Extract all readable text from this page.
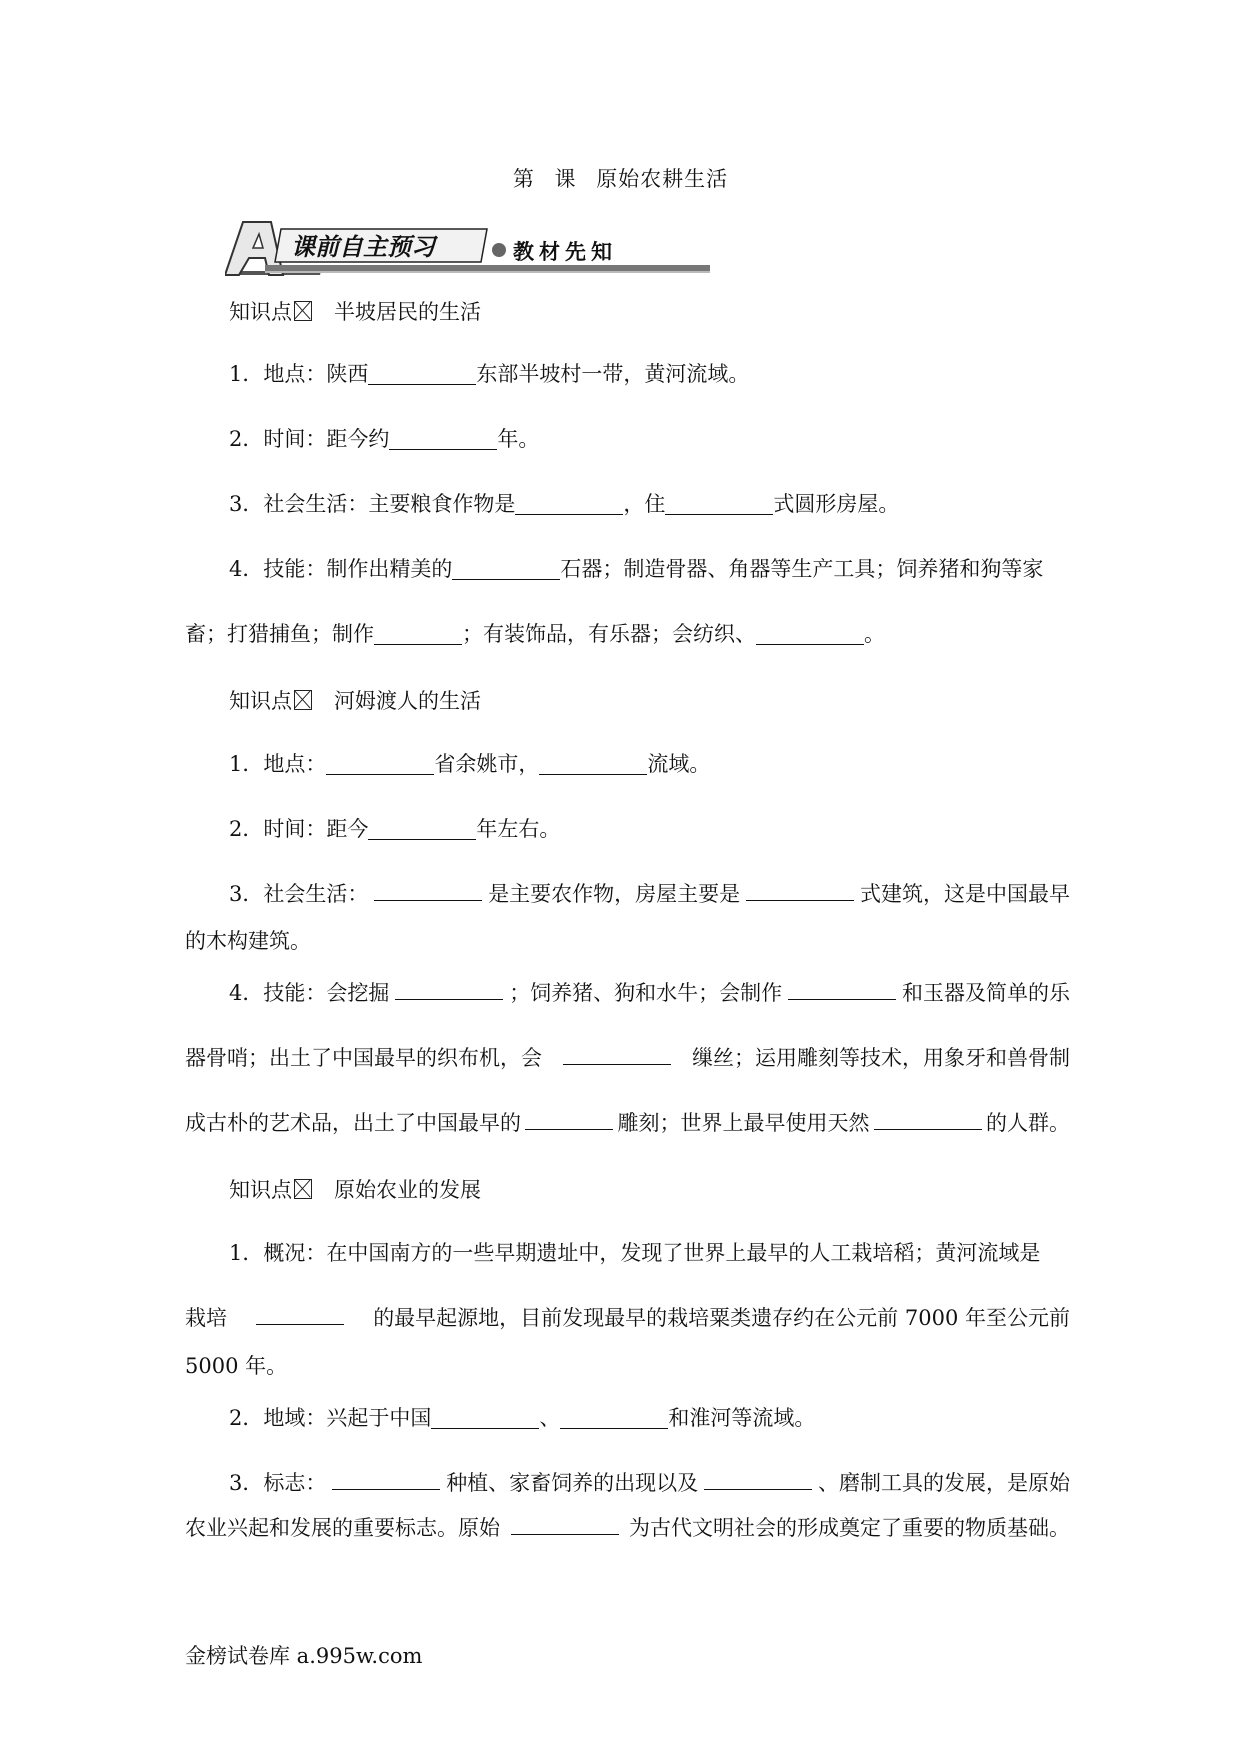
第 课 原始农耕生活
课前自主预习	教材先知
知识点 半坡居民的生活
1．地点：陕西	东部半坡村一带，黄河流域。
2．时间：距今约	年。
3．社会生活：主要粮食作物是	，住	式圆形房屋。
4．技能：制作出精美的	石器；制造骨器、角器等生产工具；饲养猪和狗等家
畜；打猎捕鱼；制作	；有装饰品，有乐器；会纺织、	。
知识点 河姆渡人的生活
1．地点：	省余姚市，	流域。
2．时间：距今	年左右。
3．社会生活：	是主要农作物，房屋主要是	式建筑，这是中国最早
的木构建筑。
4．技能：会挖掘	；饲养猪、狗和水牛；会制作	和玉器及简单的乐
器骨哨；出土了中国最早的织布机，会	缫丝；运用雕刻等技术，用象牙和兽骨制
成古朴的艺术品，出土了中国最早的	雕刻；世界上最早使用天然	的人群。
知识点 原始农业的发展
1．概况：在中国南方的一些早期遗址中，发现了世界上最早的人工栽培稻；黄河流域是
栽培	的最早起源地，目前发现最早的栽培粟类遗存约在公元前 7000 年至公元前
5000 年。
2．地域：兴起于中国	、	和淮河等流域。
3．标志：	种植、家畜饲养的出现以及	、磨制工具的发展，是原始
农业兴起和发展的重要标志。原始	为古代文明社会的形成奠定了重要的物质基础。
金榜试卷库 a.995w.com
